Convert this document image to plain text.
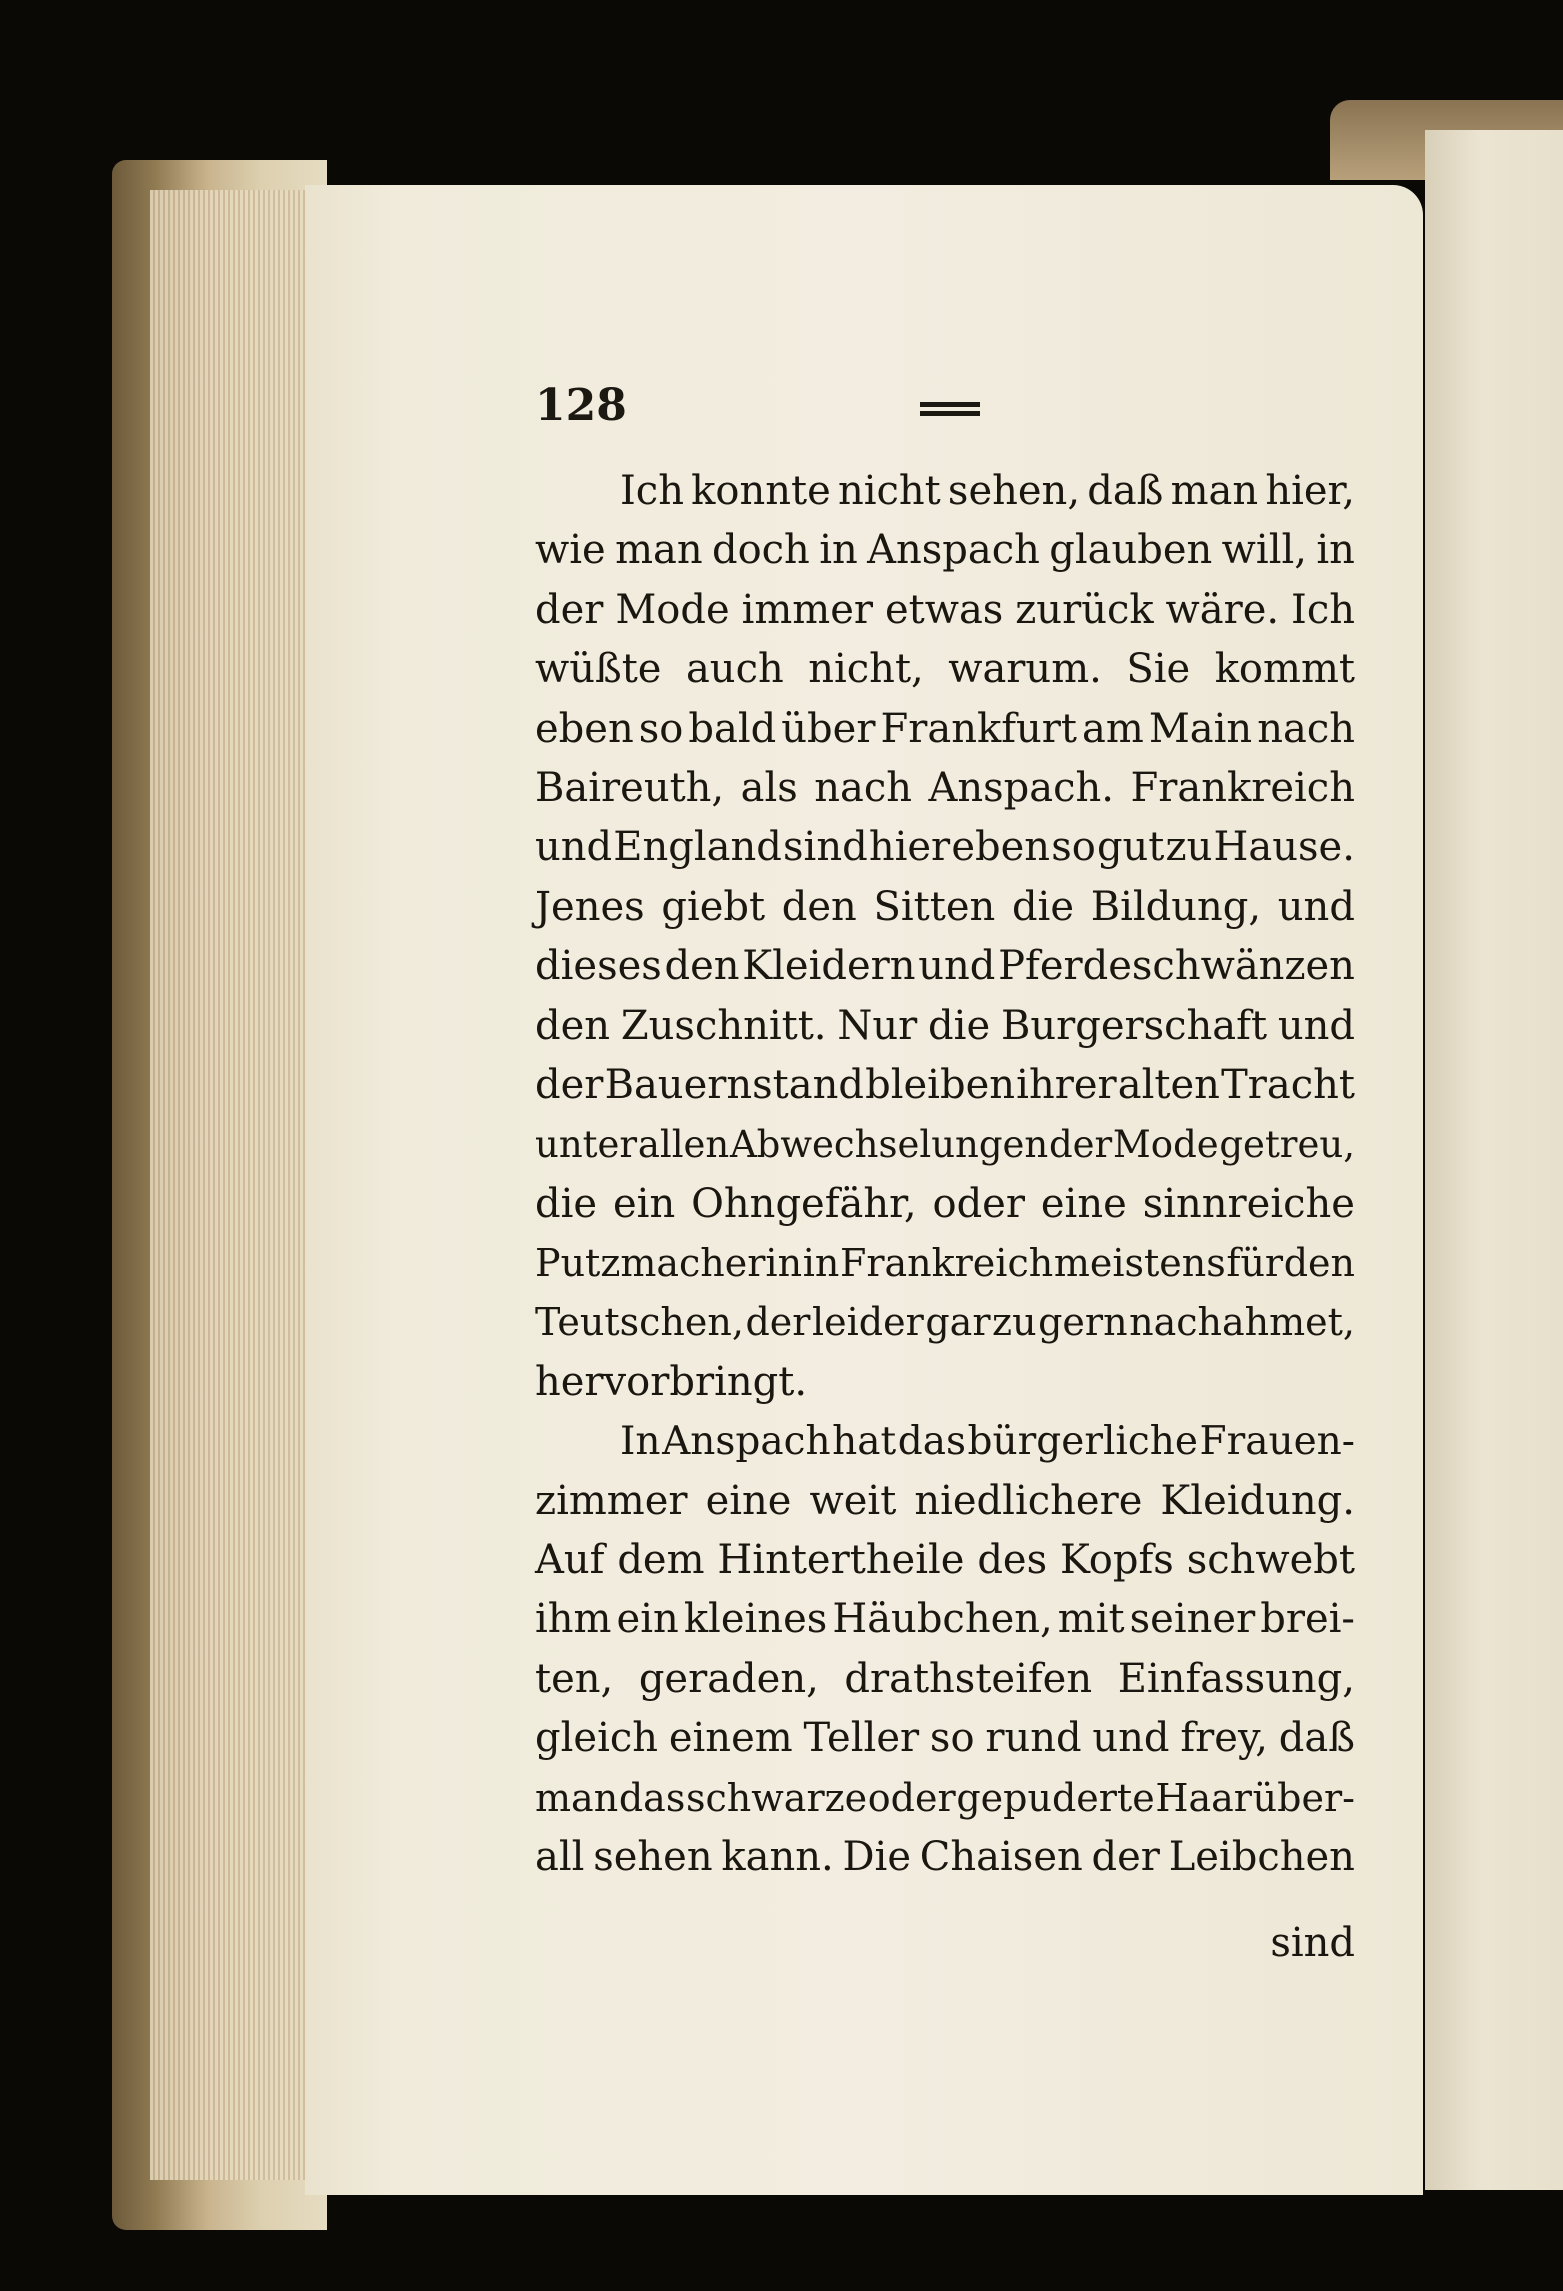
128
Ich konnte nicht sehen, daß man hier,
wie man doch in Anspach glauben will, in
der Mode immer etwas zurück wäre. Ich
wüßte auch nicht, warum. Sie kommt
eben so bald über Frankfurt am Main nach
Baireuth, als nach Anspach. Frankreich
und England sind hier eben so gut zu Hause.
Jenes giebt den Sitten die Bildung, und
dieses den Kleidern und Pferdeschwänzen
den Zuschnitt. Nur die Burgerschaft und
der Bauernstand bleiben ihrer alten Tracht
unter allen Abwechselungen der Mode getreu,
die ein Ohngefähr, oder eine sinnreiche
Putzmacherin in Frankreich meistens für den
Teutschen, der leider gar zu gern nachahmet,
hervorbringt.
In Anspach hat das bürgerliche Frauen-
zimmer eine weit niedlichere Kleidung.
Auf dem Hintertheile des Kopfs schwebt
ihm ein kleines Häubchen, mit seiner brei-
ten, geraden, drathsteifen Einfassung,
gleich einem Teller so rund und frey, daß
man das schwarze oder gepuderte Haar über-
all sehen kann. Die Chaisen der Leibchen
sind
